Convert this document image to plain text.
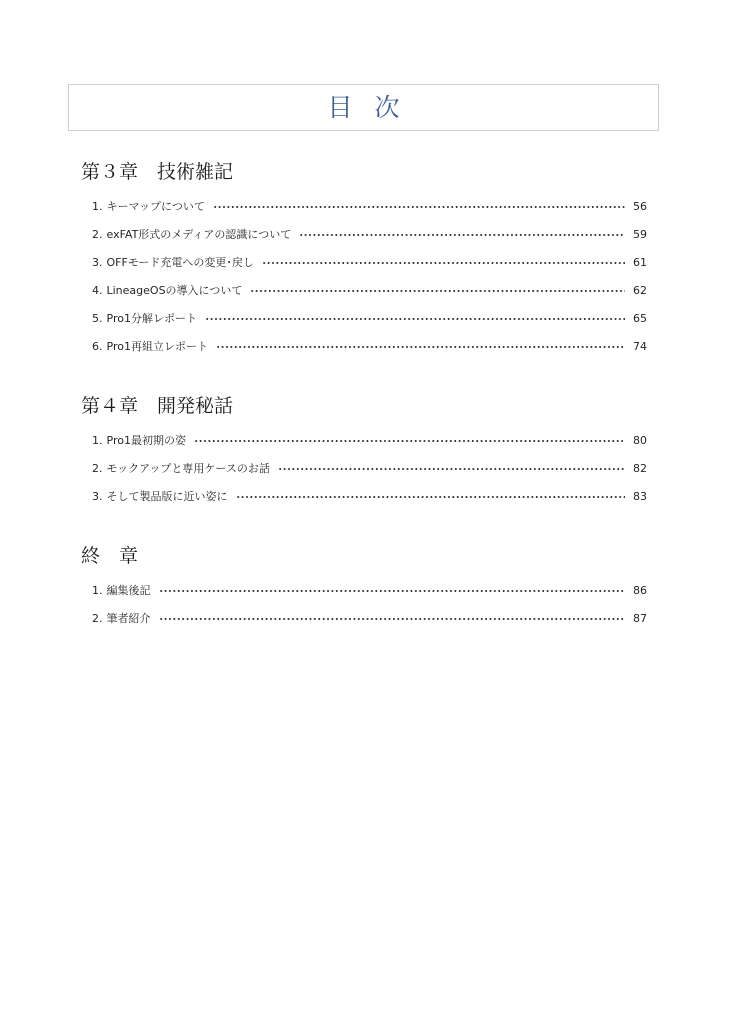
目次
第３章　技術雑記
1. キーマップについて	56
2. exFAT形式のメディアの認識について	59
3. OFFモード充電への変更･戻し	61
4. LineageOSの導入について	62
5. Pro1分解レポート	65
6. Pro1再組立レポート	74
第４章　開発秘話
1. Pro1最初期の姿	80
2. モックアップと専用ケースのお話	82
3. そして製品版に近い姿に	83
終　章
1. 編集後記	86
2. 筆者紹介	87
